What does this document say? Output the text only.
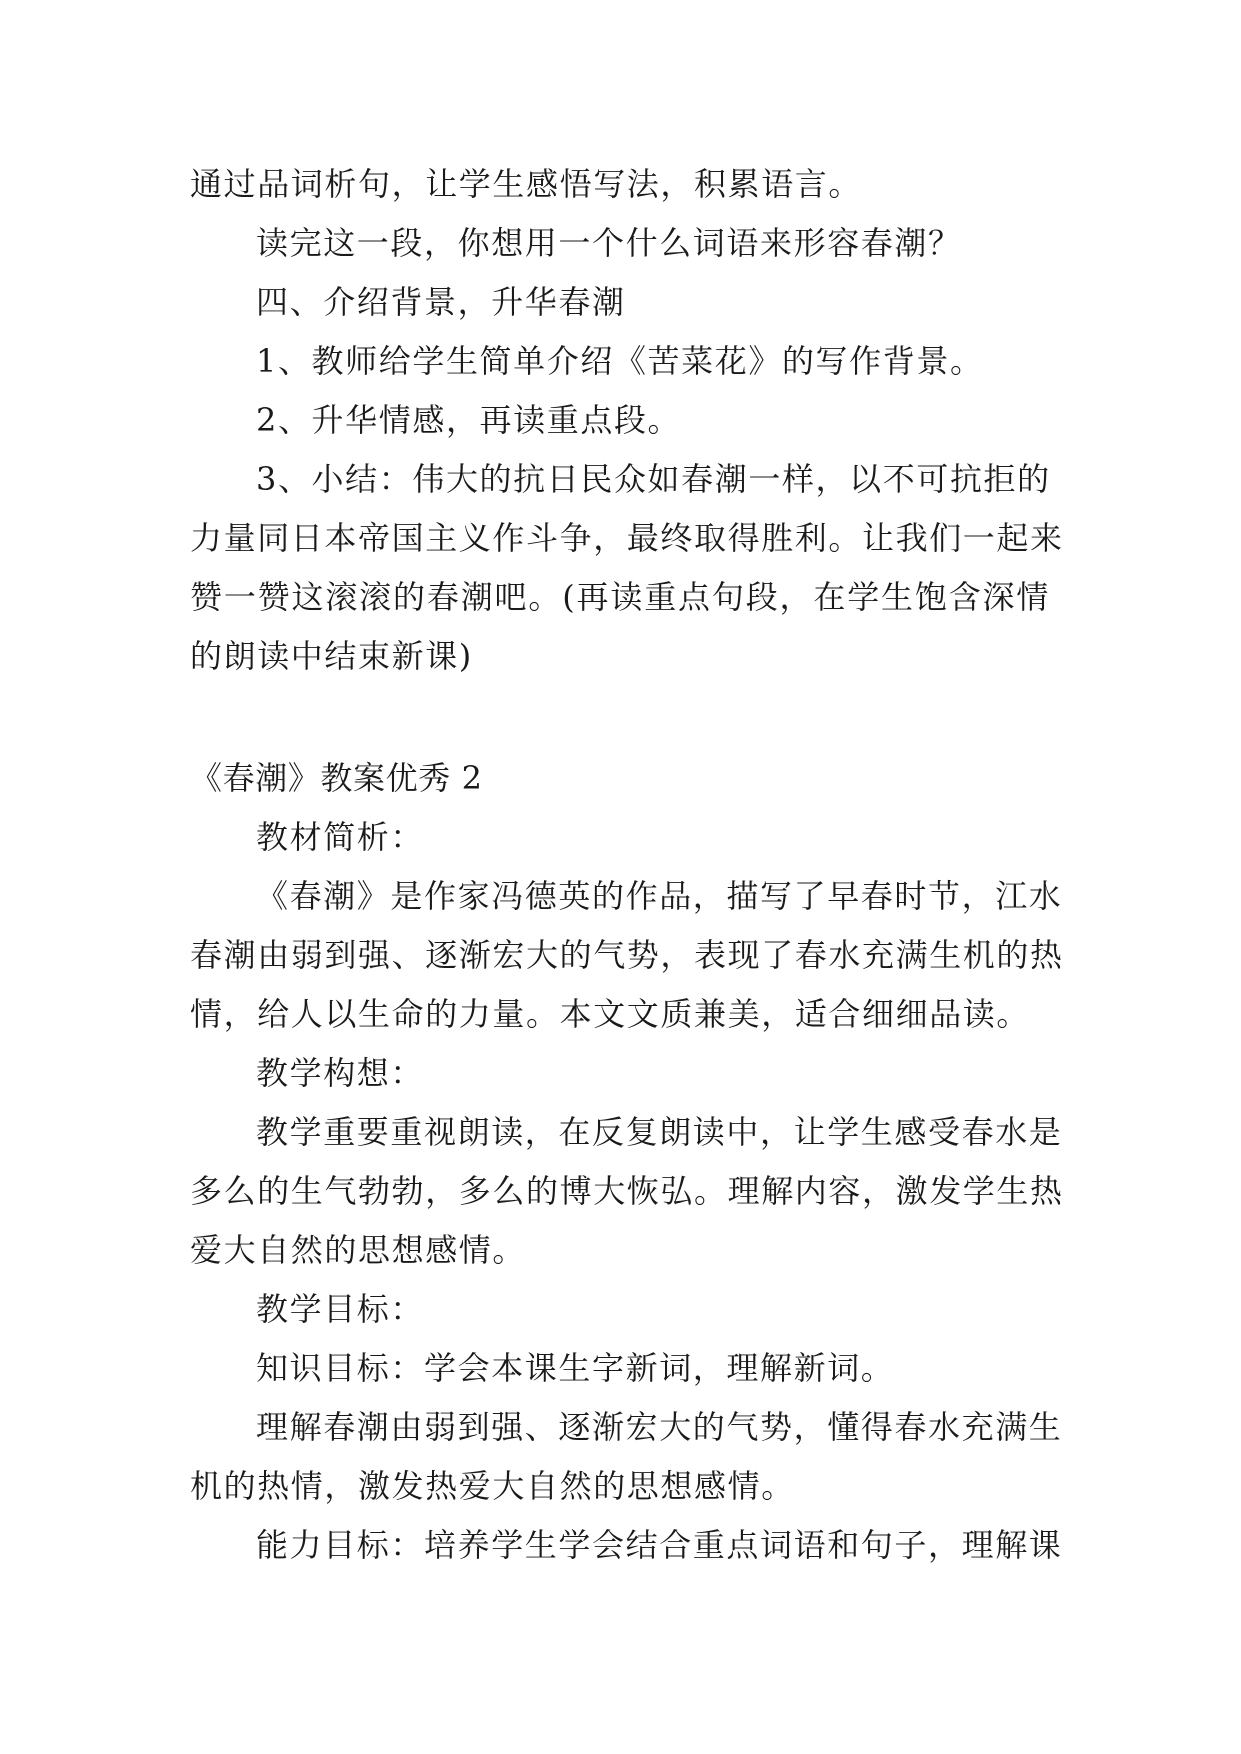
通过品词析句，让学生感悟写法，积累语言。
读完这一段，你想用一个什么词语来形容春潮？
四、介绍背景，升华春潮
1、教师给学生简单介绍《苦菜花》的写作背景。
2、升华情感，再读重点段。
3、小结：伟大的抗日民众如春潮一样，以不可抗拒的
力量同日本帝国主义作斗争，最终取得胜利。让我们一起来
赞一赞这滚滚的春潮吧。(再读重点句段，在学生饱含深情
的朗读中结束新课)
《春潮》教案优秀 2
教材简析：
《春潮》是作家冯德英的作品，描写了早春时节，江水
春潮由弱到强、逐渐宏大的气势，表现了春水充满生机的热
情，给人以生命的力量。本文文质兼美，适合细细品读。
教学构想：
教学重要重视朗读，在反复朗读中，让学生感受春水是
多么的生气勃勃，多么的博大恢弘。理解内容，激发学生热
爱大自然的思想感情。
教学目标：
知识目标：学会本课生字新词，理解新词。
理解春潮由弱到强、逐渐宏大的气势，懂得春水充满生
机的热情，激发热爱大自然的思想感情。
能力目标：培养学生学会结合重点词语和句子，理解课
